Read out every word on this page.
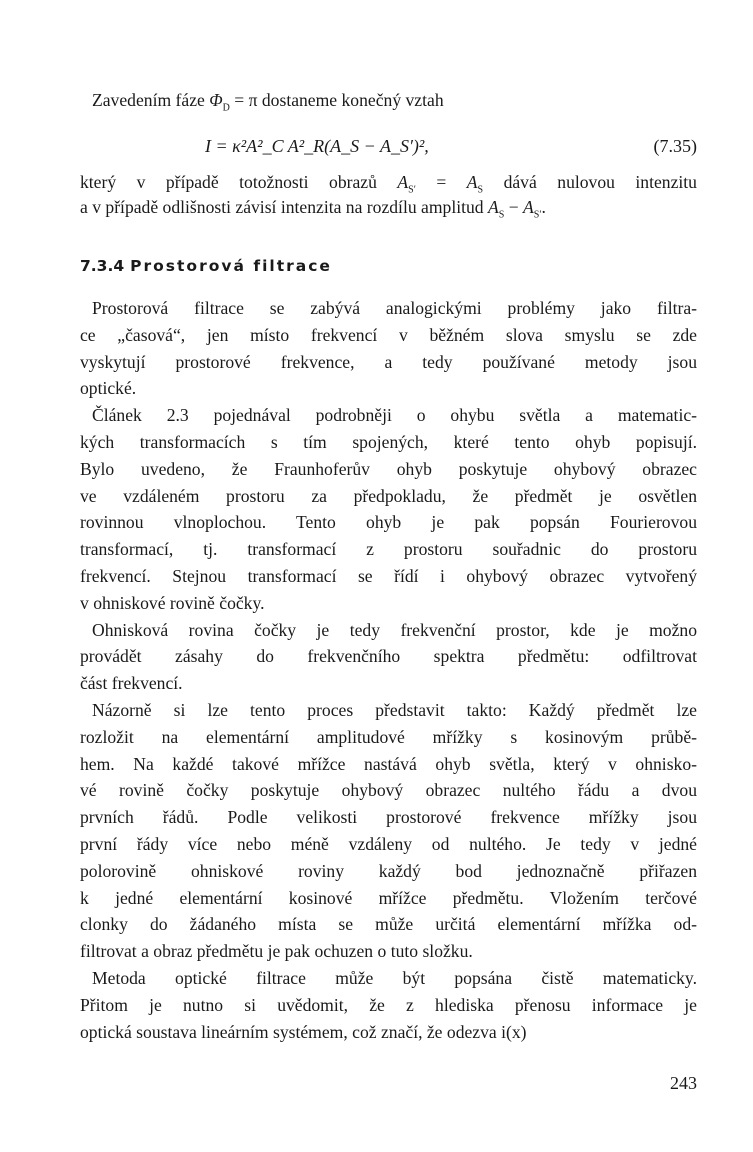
Zavedením fáze $\Phi_D = \pi$ dostaneme konečný vztah
I = κ²A²_C A²_R(A_S − A_S′)²,	(7.35)
který v případě totožnosti obrazů $A_{S'} = A_S$ dává nulovou intenzitu
a v případě odlišnosti závisí intenzita na rozdílu amplitud $A_S - A_{S'}$.
7.3.4 Prostorová filtrace
Prostorová filtrace se zabývá analogickými problémy jako filtra-
ce „časová“, jen místo frekvencí v běžném slova smyslu se zde
vyskytují prostorové frekvence, a tedy používané metody jsou
optické.
Článek 2.3 pojednával podrobněji o ohybu světla a matematic-
kých transformacích s tím spojených, které tento ohyb popisují.
Bylo uvedeno, že Fraunhoferův ohyb poskytuje ohybový obrazec
ve vzdáleném prostoru za předpokladu, že předmět je osvětlen
rovinnou vlnoplochou. Tento ohyb je pak popsán Fourierovou
transformací, tj. transformací z prostoru souřadnic do prostoru
frekvencí. Stejnou transformací se řídí i ohybový obrazec vytvořený
v ohniskové rovině čočky.
Ohnisková rovina čočky je tedy frekvenční prostor, kde je možno
provádět zásahy do frekvenčního spektra předmětu: odfiltrovat
část frekvencí.
Názorně si lze tento proces představit takto: Každý předmět lze
rozložit na elementární amplitudové mřížky s kosinovým průbě-
hem. Na každé takové mřížce nastává ohyb světla, který v ohnisko-
vé rovině čočky poskytuje ohybový obrazec nultého řádu a dvou
prvních řádů. Podle velikosti prostorové frekvence mřížky jsou
první řády více nebo méně vzdáleny od nultého. Je tedy v jedné
polorovině ohniskové roviny každý bod jednoznačně přiřazen
k jedné elementární kosinové mřížce předmětu. Vložením terčové
clonky do žádaného místa se může určitá elementární mřížka od-
filtrovat a obraz předmětu je pak ochuzen o tuto složku.
Metoda optické filtrace může být popsána čistě matematicky.
Přitom je nutno si uvědomit, že z hlediska přenosu informace je
optická soustava lineárním systémem, což značí, že odezva i(x)
243
